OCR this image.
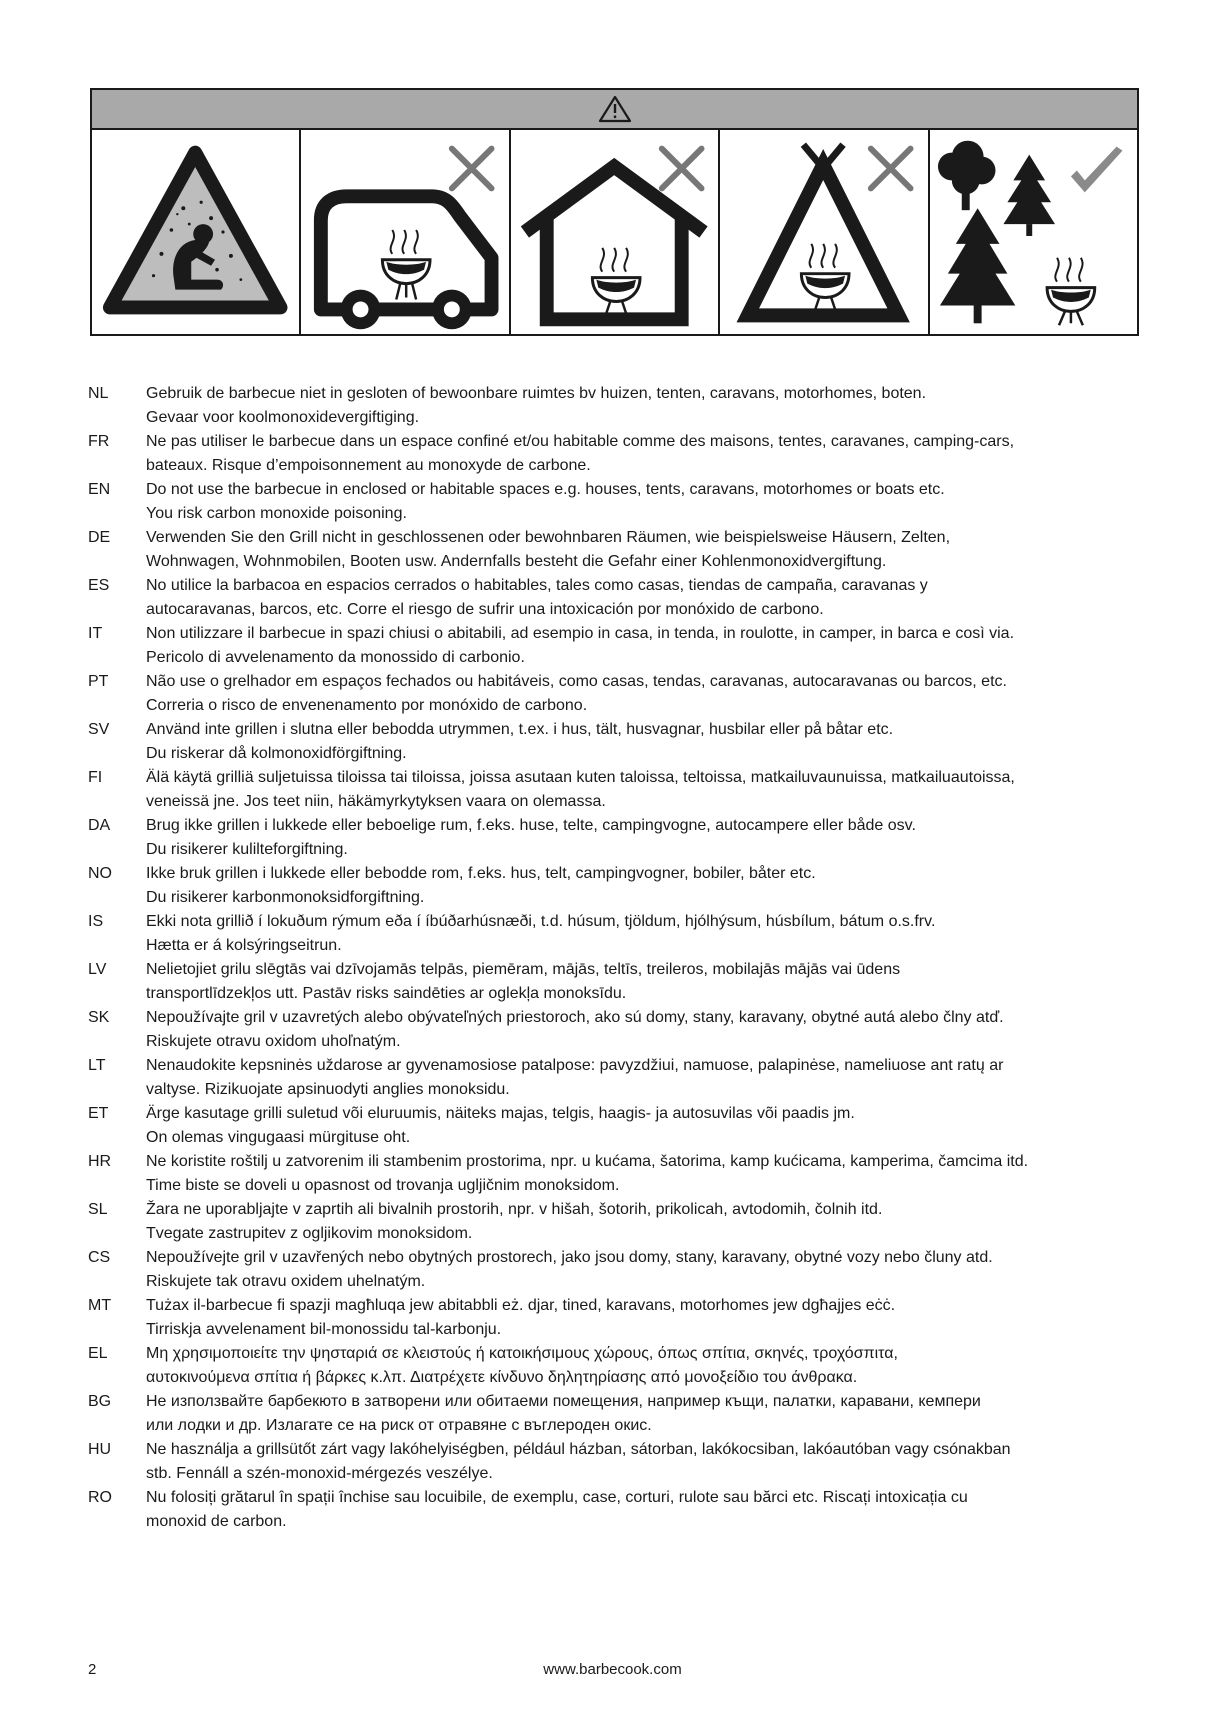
NL	Gebruik de barbecue niet in gesloten of bewoonbare ruimtes bv huizen, tenten, caravans, motorhomes, boten.
Gevaar voor koolmonoxidevergiftiging.
FR	Ne pas utiliser le barbecue dans un espace confiné et/ou habitable comme des maisons, tentes, caravanes, camping-cars,
bateaux. Risque d’empoisonnement au monoxyde de carbone.
EN	Do not use the barbecue in enclosed or habitable spaces e.g. houses, tents, caravans, motorhomes or boats etc.
You risk carbon monoxide poisoning.
DE	Verwenden Sie den Grill nicht in geschlossenen oder bewohnbaren Räumen, wie beispielsweise Häusern, Zelten,
Wohnwagen, Wohnmobilen, Booten usw. Andernfalls besteht die Gefahr einer Kohlenmonoxidvergiftung.
ES	No utilice la barbacoa en espacios cerrados o habitables, tales como casas, tiendas de campaña, caravanas y
autocaravanas, barcos, etc. Corre el riesgo de sufrir una intoxicación por monóxido de carbono.
IT	Non utilizzare il barbecue in spazi chiusi o abitabili, ad esempio in casa, in tenda, in roulotte, in camper, in barca e così via.
Pericolo di avvelenamento da monossido di carbonio.
PT	Não use o grelhador em espaços fechados ou habitáveis, como casas, tendas, caravanas, autocaravanas ou barcos, etc.
Correria o risco de envenenamento por monóxido de carbono.
SV	Använd inte grillen i slutna eller bebodda utrymmen, t.ex. i hus, tält, husvagnar, husbilar eller på båtar etc.
Du riskerar då kolmonoxidförgiftning.
FI	Älä käytä grilliä suljetuissa tiloissa tai tiloissa, joissa asutaan kuten taloissa, teltoissa, matkailuvaunuissa, matkailuautoissa,
veneissä jne. Jos teet niin, häkämyrkytyksen vaara on olemassa.
DA	Brug ikke grillen i lukkede eller beboelige rum, f.eks. huse, telte, campingvogne, autocampere eller både osv.
Du risikerer kulilteforgiftning.
NO	Ikke bruk grillen i lukkede eller bebodde rom, f.eks. hus, telt, campingvogner, bobiler, båter etc.
Du risikerer karbonmonoksidforgiftning.
IS	Ekki nota grillið í lokuðum rýmum eða í íbúðarhúsnæði, t.d. húsum, tjöldum, hjólhýsum, húsbílum, bátum o.s.frv.
Hætta er á kolsýringseitrun.
LV	Nelietojiet grilu slēgtās vai dzīvojamās telpās, piemēram, mājās, teltīs, treileros, mobilajās mājās vai ūdens
transportlīdzekļos utt. Pastāv risks saindēties ar oglekļa monoksīdu.
SK	Nepoužívajte gril v uzavretých alebo obývateľných priestoroch, ako sú domy, stany, karavany, obytné autá alebo člny atď.
Riskujete otravu oxidom uhoľnatým.
LT	Nenaudokite kepsninės uždarose ar gyvenamosiose patalpose: pavyzdžiui, namuose, palapinėse, nameliuose ant ratų ar
valtyse. Rizikuojate apsinuodyti anglies monoksidu.
ET	Ärge kasutage grilli suletud või eluruumis, näiteks majas, telgis, haagis- ja autosuvilas või paadis jm.
On olemas vingugaasi mürgituse oht.
HR	Ne koristite roštilj u zatvorenim ili stambenim prostorima, npr. u kućama, šatorima, kamp kućicama, kamperima, čamcima itd.
Time biste se doveli u opasnost od trovanja ugljičnim monoksidom.
SL	Žara ne uporabljajte v zaprtih ali bivalnih prostorih, npr. v hišah, šotorih, prikolicah, avtodomih, čolnih itd.
Tvegate zastrupitev z ogljikovim monoksidom.
CS	Nepoužívejte gril v uzavřených nebo obytných prostorech, jako jsou domy, stany, karavany, obytné vozy nebo čluny atd.
Riskujete tak otravu oxidem uhelnatým.
MT	Tużax il-barbecue fi spazji magħluqa jew abitabbli eż. djar, tined, karavans, motorhomes jew dgħajjes eċċ.
Tirriskja avvelenament bil-monossidu tal-karbonju.
EL	Μη χρησιμοποιείτε την ψησταριά σε κλειστούς ή κατοικήσιμους χώρους, όπως σπίτια, σκηνές, τροχόσπιτα,
αυτοκινούμενα σπίτια ή βάρκες κ.λπ. Διατρέχετε κίνδυνο δηλητηρίασης από μονοξείδιο του άνθρακα.
BG	Не използвайте барбекюто в затворени или обитаеми помещения, например къщи, палатки, каравани, кемпери
или лодки и др. Излагате се на риск от отравяне с въглероден окис.
HU	Ne használja a grillsütőt zárt vagy lakóhelyiségben, például házban, sátorban, lakókocsiban, lakóautóban vagy csónakban
stb. Fennáll a szén-monoxid-mérgezés veszélye.
RO	Nu folosiți grătarul în spații închise sau locuibile, de exemplu, case, corturi, rulote sau bărci etc. Riscați intoxicația cu
monoxid de carbon.
2	www.barbecook.com
